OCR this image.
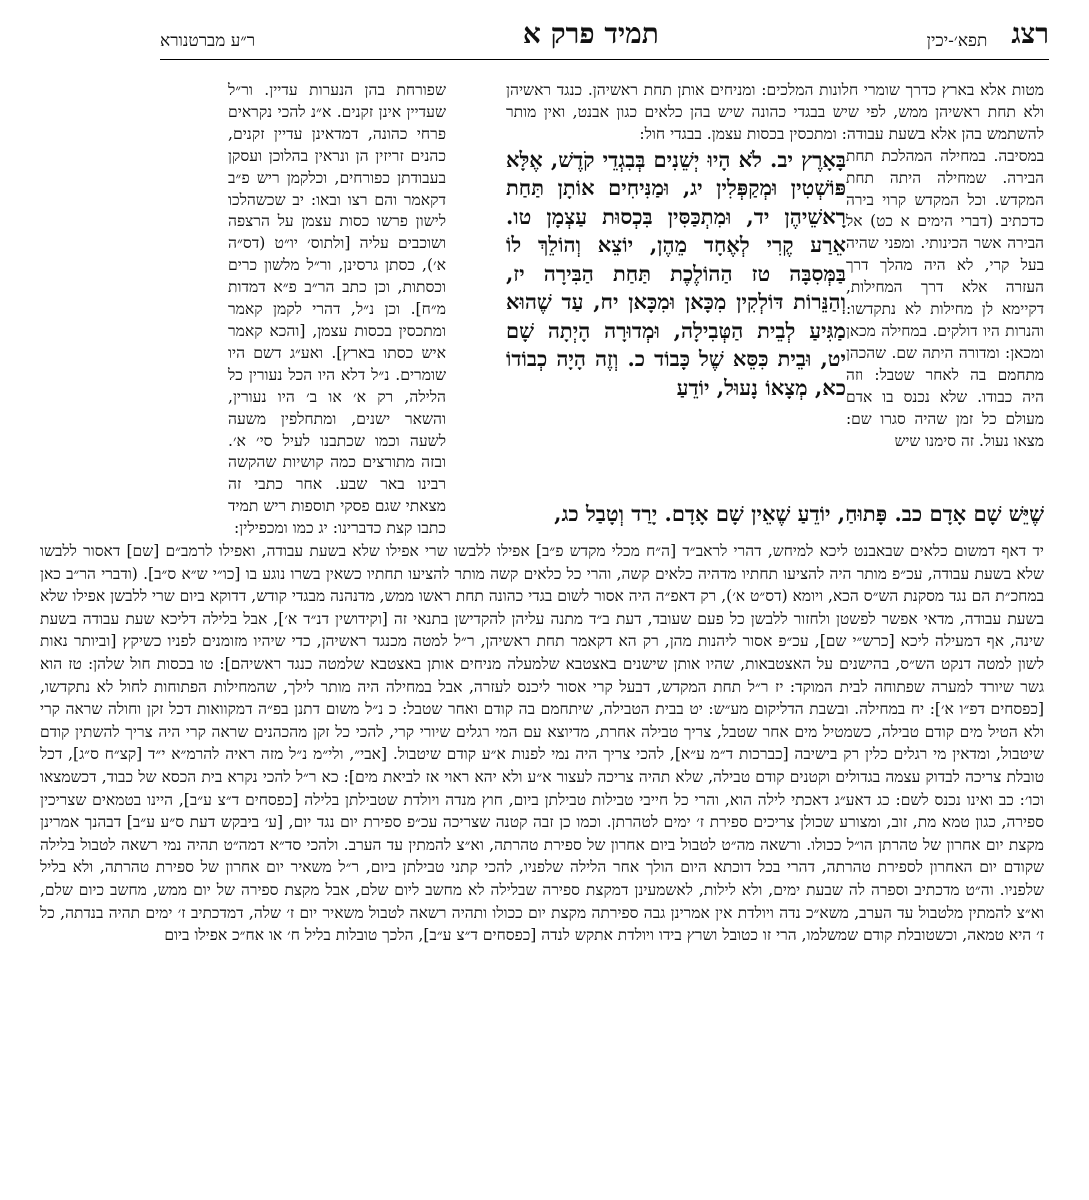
רצג
תפא׳-יכין
תמיד פרק א
ר״ע מברטנורא
שפורחת בהן הנערות עדיין. ור״ל שעדיין אינן זקנים. א״נ להכי נקראים פרחי כהונה, דמדאינן עדיין זקנים, כהנים זריזין הן ונראין בהלוכן ועסקן בעבודתן כפורחים, וכלקמן ריש פ״ב דקאמר והם רצו ובאו: יב שכשהלכו לישון פרשו כסות עצמן על הרצפה ושוכבים עליה [ולתוס׳ יו״ט (דס״ה א׳), כסתן גרסינן, ור״ל מלשון כרים וכסתות, וכן כתב הר״ב פ״א דמדות מ״ח]. וכן נ״ל, דהרי לקמן קאמר ומתכסין בכסות עצמן, [והכא קאמר איש כסתו בארץ]. ואע״ג דשם היו שומרים. נ״ל דלא היו הכל נעורין כל הלילה, רק א׳ או ב׳ היו נעורין, והשאר ישנים, ומתחלפין משעה לשעה וכמו שכתבנו לעיל סי׳ א׳. ובזה מתורצים כמה קושיות שהקשה רבינו באר שבע. אחר כתבי זה מצאתי שגם פסקי תוספות ריש תמיד כתבו קצת כדברינו: יג כמו ומכפילין:
מטות אלא בארץ כדרך שומרי חלונות המלכים: ומניחים אותן תחת ראשיהן. כנגד ראשיהן ולא תחת ראשיהן ממש, לפי שיש בבגדי כהונה שיש בהן כלאים כגון אבנט, ואין מותר להשתמש בהן אלא בשעת עבודה: ומתכסין בכסות עצמן. בבגדי חול:
במסיבה. במחילה המהלכת תחת הבירה. שמחילה היתה תחת המקדש. וכל המקדש קרוי בירה כדכתיב (דברי הימים א כט) אל הבירה אשר הכינותי. ומפני שהיה בעל קרי, לא היה מהלך דרך העזרה אלא דרך המחילות, דקיימא לן מחילות לא נתקדשו: והנרות היו דולקים. במחילה מכאן ומכאן: ומדורה היתה שם. שהכהן מתחמם בה לאחר שטבל: וזה היה כבודו. שלא נכנס בו אדם מעולם כל זמן שהיה סגרו שם: מצאו נעול. זה סימנו שיש
בָּאָרֶץ יב. לֹא הָיוּ יְשֵׁנִים בְּבִגְדֵי קֹדֶשׁ, אֶלָּא פּוֹשְׁטִין וּמְקַפְּלִין יג, וּמַנִּיחִים אוֹתָן תַּחַת רָאשֵׁיהֶן יד, וּמִתְכַּסִּין בִּכְסוּת עַצְמָן טו. אֵרַע קֶרִי לְאֶחָד מֵהֶן, יוֹצֵא וְהוֹלֵךְ לוֹ בַּמְּסִבָּה טז הַהוֹלֶכֶת תַּחַת הַבִּירָה יז, וְהַנֵּרוֹת דּוֹלְקִין מִכָּאן וּמִכָּאן יח, עַד שֶׁהוּא מַגִּיעַ לְבֵית הַטְּבִילָה, וּמְדוּרָה הָיְתָה שָׁם יט, וּבֵית כִּסֵּא שֶׁל כָּבוֹד כ. וְזֶה הָיָה כְבוֹדוֹ כא, מְצָאוֹ נָעוּל, יוֹדֵעַ
שֶׁיֵּשׁ שָׁם אָדָם כב. פָּתוּחַ, יוֹדֵעַ שֶׁאֵין שָׁם אָדָם. יָרַד וְטָבַל כג,
יד דאף דמשום כלאים שבאבנט ליכא למיחש, דהרי לראב״ד [ה״ח מכלי מקדש פ״ב] אפילו ללבשו שרי אפילו שלא בשעת עבודה, ואפילו לרמב״ם [שם] דאסור ללבשו שלא בשעת עבודה, עכ״פ מותר היה להציעו תחתיו מדהיה כלאים קשה, והרי כל כלאים קשה מותר להציעו תחתיו כשאין בשרו נוגע בו [כו״י ש״א ס״ב]. (ודברי הר״ב כאן במחכ״ת הם נגד מסקנת הש״ס הכא, ויומא (דס״ט א׳), רק דאפ״ה היה אסור לשום בגדי כהונה תחת ראשו ממש, מדנהנה מבגדי קודש, דדוקא ביום שרי ללבשן אפילו שלא בשעת עבודה, מדאי אפשר לפשטן ולחזור ללבשן כל פעם שעובד, דעת ב״ד מתנה עליהן להקדישן בתנאי זה [וקידושין דנ״ד א׳], אבל בלילה דליכא שעת עבודה בשעת שינה, אף דמעילה ליכא [כרש״י שם], עכ״פ אסור ליהנות מהן, רק הא דקאמר תחת ראשיהן, ר״ל למטה מכנגד ראשיהן, כדי שיהיו מזומנים לפניו כשיקץ [וביותר נאות לשון למטה דנקט הש״ס, בהישנים על האצטבאות, שהיו אותן שישנים באצטבא שלמעלה מניחים אותן באצטבא שלמטה כנגד ראשיהם]: טו בכסות חול שלהן: טז הוא גשר שיורד למערה שפתוחה לבית המוקד: יז ר״ל תחת המקדש, דבעל קרי אסור ליכנס לעזרה, אבל במחילה היה מותר לילך, שהמחילות הפתוחות לחול לא נתקדשו, [כפסחים דפ״ו א׳]: יח במחילה. ובשבת הדליקום מע״ש: יט בבית הטבילה, שיתחמם בה קודם ואחר שטבל: כ נ״ל משום דתנן בפ״ה דמקוואות דכל זקן וחולה שראה קרי ולא הטיל מים קודם טבילה, כשמטיל מים אחר שטבל, צריך טבילה אחרת, מדיוצא עם המי רגלים שיורי קרי, להכי כל זקן מהכהנים שראה קרי היה צריך להשתין קודם שיטבול, ומדאין מי רגלים כלין רק בישיבה [כברכות ד״מ ע״א], להכי צריך היה נמי לפנות א״ע קודם שיטבול. [אבי״, ולי״מ נ״ל מזה ראיה להרמ״א י״ד [קצ״ח ס״ג], דכל טובלת צריכה לבדוק עצמה בגדולים וקטנים קודם טבילה, שלא תהיה צריכה לעצור א״ע ולא יהא ראוי אז לביאת מים]: כא ר״ל להכי נקרא בית הכסא של כבוד, דכשמצאו וכו׳: כב ואינו נכנס לשם: כג דאע״ג דאכתי לילה הוא, והרי כל חייבי טבילות טבילתן ביום, חוץ מנדה ויולדת שטבילתן בלילה [כפסחים ד״צ ע״ב], היינו בטמאים שצריכין ספירה, כגון טמא מת, זוב, ומצורע שכולן צריכים ספירת ז׳ ימים לטהרתן. וכמו כן זבה קטנה שצריכה עכ״פ ספירת יום נגד יום, [ע׳ ביבקש דעת ס״ע ע״ב] דבהנך אמרינן מקצת יום אחרון של טהרתן הו״ל ככולו. ורשאה מה״ט לטבול ביום אחרון של ספירת טהרתה, וא״צ להמתין עד הערב. ולהכי סד״א דמה״ט תהיה נמי רשאה לטבול בלילה שקודם יום האחרון לספירת טהרתה, דהרי בכל דוכתא היום הולך אחר הלילה שלפניו, להכי קתני טבילתן ביום, ר״ל משאיר יום אחרון של ספירת טהרתה, ולא בליל שלפניו. וה״ט מדכתיב וספרה לה שבעת ימים, ולא לילות, לאשמעינן דמקצת ספירה שבלילה לא מחשב ליום שלם, אבל מקצת ספירה של יום ממש, מחשב כיום שלם, וא״צ להמתין מלטבול עד הערב, משא״כ נדה ויולדת אין אמרינן גבה ספירתה מקצת יום ככולו ותהיה רשאה לטבול משאיר יום ז׳ שלה, דמדכתיב ז׳ ימים תהיה בנדתה, כל ז׳ היא טמאה, וכשטובלת קודם שמשלמו, הרי זו כטובל ושרץ בידו ויולדת אתקש לנדה [כפסחים ד״צ ע״ב], הלכך טובלות בליל ח׳ או אח״כ אפילו ביום
